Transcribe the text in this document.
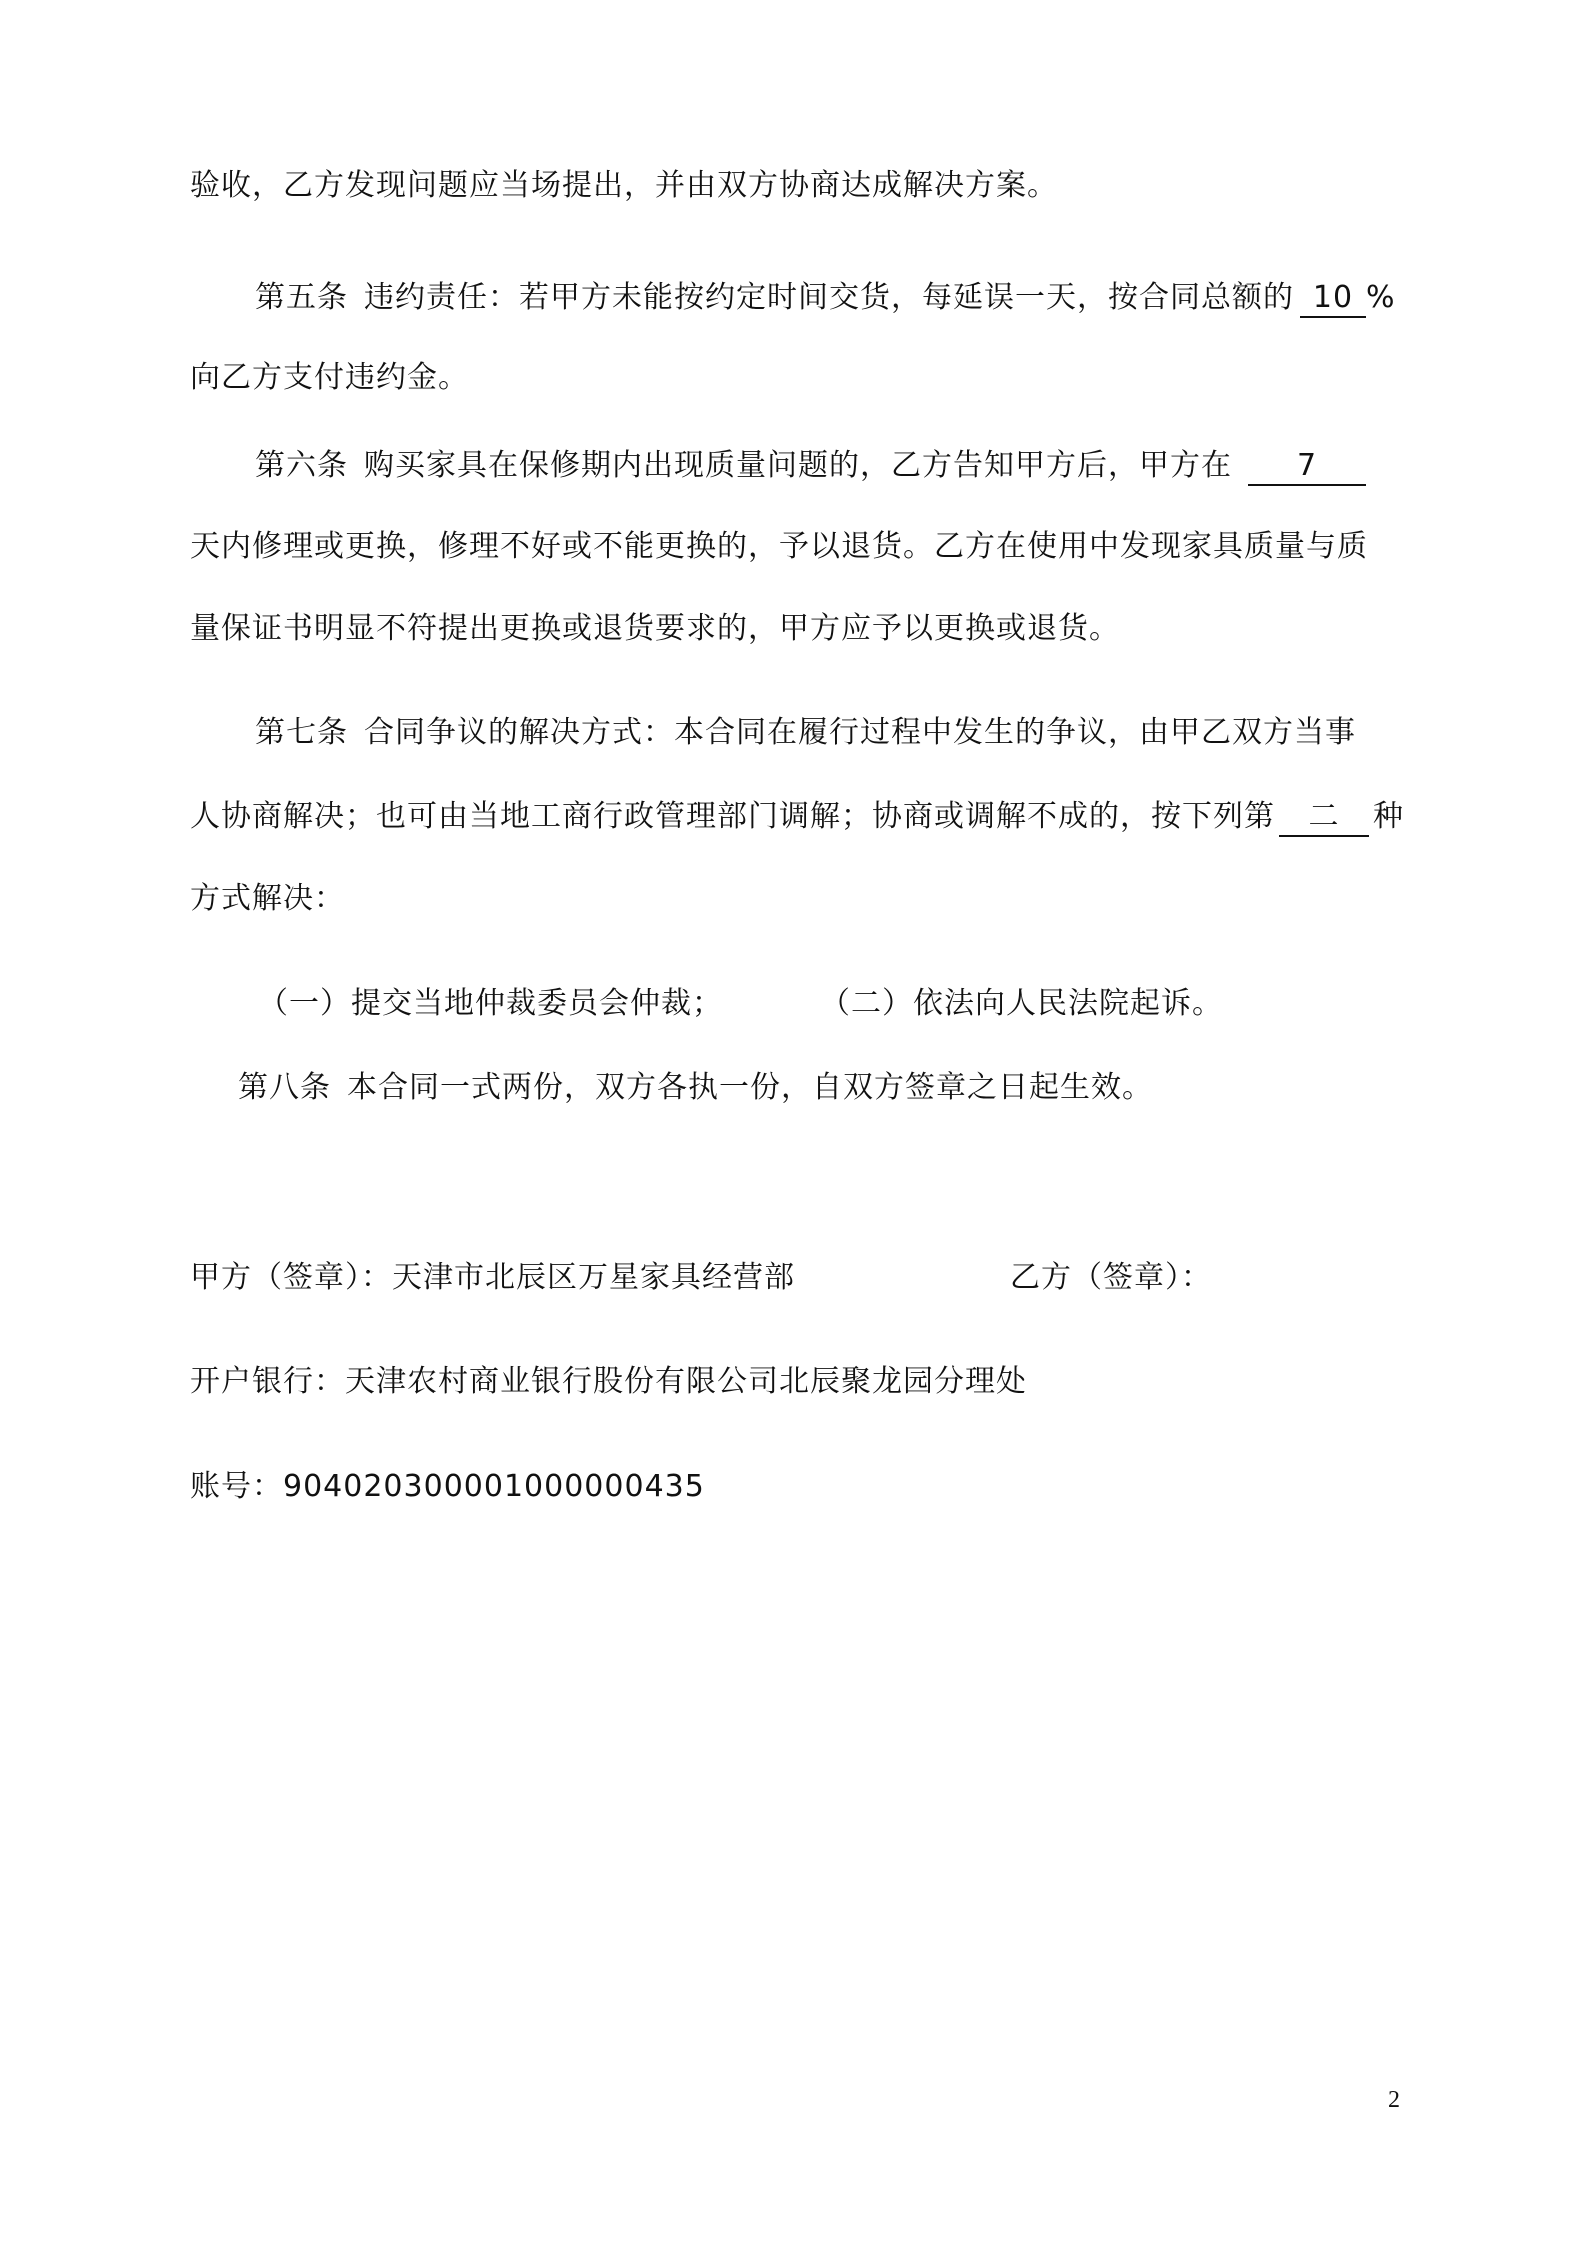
验收，乙方发现问题应当场提出，并由双方协商达成解决方案。
第五条 违约责任：若甲方未能按约定时间交货，每延误一天，按合同总额的 10 %
向乙方支付违约金。
第六条 购买家具在保修期内出现质量问题的，乙方告知甲方后，甲方在 7
天内修理或更换，修理不好或不能更换的，予以退货。乙方在使用中发现家具质量与质
量保证书明显不符提出更换或退货要求的，甲方应予以更换或退货。
第七条 合同争议的解决方式：本合同在履行过程中发生的争议，由甲乙双方当事
人协商解决；也可由当地工商行政管理部门调解；协商或调解不成的，按下列第 二 种
方式解决：
（一）提交当地仲裁委员会仲裁；	（二）依法向人民法院起诉。
第八条 本合同一式两份，双方各执一份，自双方签章之日起生效。
甲方（签章）：天津市北辰区万星家具经营部	乙方（签章）：
开户银行：天津农村商业银行股份有限公司北辰聚龙园分理处
账号：904020300001000000435
2
